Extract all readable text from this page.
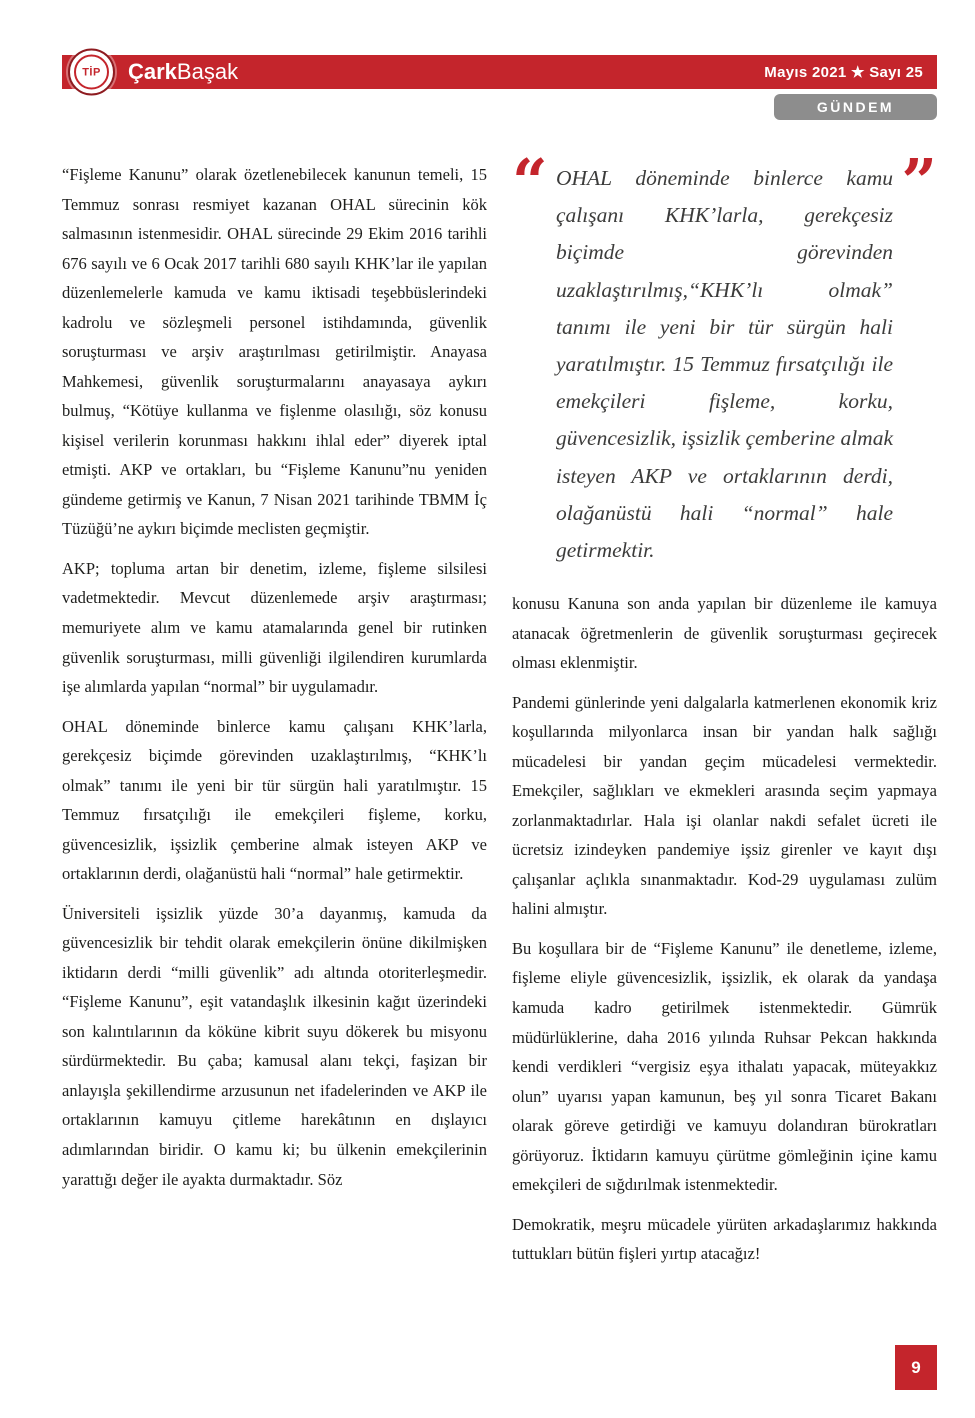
TİP ÇarkBaşak	Mayıs 2021 ★ Sayı 25
GÜNDEM

“Fişleme Kanunu” olarak özetlenebilecek kanunun temeli, 15 Temmuz sonrası resmiyet kazanan OHAL sürecinin kök salmasının istenmesidir. OHAL sürecinde 29 Ekim 2016 tarihli 676 sayılı ve 6 Ocak 2017 tarihli 680 sayılı KHK’lar ile yapılan düzenlemelerle kamuda ve kamu iktisadi teşebbüslerindeki kadrolu ve sözleşmeli personel istihdamında, güvenlik soruşturması ve arşiv araştırılması getirilmiştir. Anayasa Mahkemesi, güvenlik soruşturmalarını anayasaya aykırı bulmuş, “Kötüye kullanma ve fişlenme olasılığı, söz konusu kişisel verilerin korunması hakkını ihlal eder” diyerek iptal etmişti. AKP ve ortakları, bu “Fişleme Kanunu”nu yeniden gündeme getirmiş ve Kanun, 7 Nisan 2021 tarihinde TBMM İç Tüzüğü’ne aykırı biçimde meclisten geçmiştir.

AKP; topluma artan bir denetim, izleme, fişleme silsilesi vadetmektedir. Mevcut düzenlemede arşiv araştırması; memuriyete alım ve kamu atamalarında genel bir rutinken güvenlik soruşturması, milli güvenliği ilgilendiren kurumlarda işe alımlarda yapılan “normal” bir uygulamadır.

OHAL döneminde binlerce kamu çalışanı KHK’larla, gerekçesiz biçimde görevinden uzaklaştırılmış, “KHK’lı olmak” tanımı ile yeni bir tür sürgün hali yaratılmıştır. 15 Temmuz fırsatçılığı ile emekçileri fişleme, korku, güvencesizlik, işsizlik çemberine almak isteyen AKP ve ortaklarının derdi, olağanüstü hali “normal” hale getirmektir.

Üniversiteli işsizlik yüzde 30’a dayanmış, kamuda da güvencesizlik bir tehdit olarak emekçilerin önüne dikilmişken iktidarın derdi “milli güvenlik” adı altında otoriterleşmedir. “Fişleme Kanunu”, eşit vatandaşlık ilkesinin kağıt üzerindeki son kalıntılarının da köküne kibrit suyu dökerek bu misyonu sürdürmektedir. Bu çaba; kamusal alanı tekçi, faşizan bir anlayışla şekillendirme arzusunun net ifadelerinden ve AKP ile ortaklarının kamuyu çitleme harekâtının en dışlayıcı adımlarından biridir. O kamu ki; bu ülkenin emekçilerinin yarattığı değer ile ayakta durmaktadır. Söz

“ OHAL döneminde binlerce kamu çalışanı KHK’larla, gerekçesiz biçimde görevinden uzaklaştırılmış,“KHK’lı olmak” tanımı ile yeni bir tür sürgün hali yaratılmıştır. 15 Temmuz fırsatçılığı ile emekçileri fişleme, korku, güvencesizlik, işsizlik çemberine almak isteyen AKP ve ortaklarının derdi, olağanüstü hali “normal” hale getirmektir.
”

konusu Kanuna son anda yapılan bir düzenleme ile kamuya atanacak öğretmenlerin de güvenlik soruşturması geçirecek olması eklenmiştir.

Pandemi günlerinde yeni dalgalarla katmerlenen ekonomik kriz koşullarında milyonlarca insan bir yandan halk sağlığı mücadelesi bir yandan geçim mücadelesi vermektedir. Emekçiler, sağlıkları ve ekmekleri arasında seçim yapmaya zorlanmaktadırlar. Hala işi olanlar nakdi sefalet ücreti ile ücretsiz izindeyken pandemiye işsiz girenler ve kayıt dışı çalışanlar açlıkla sınanmaktadır. Kod-29 uygulaması zulüm halini almıştır.

Bu koşullara bir de “Fişleme Kanunu” ile denetleme, izleme, fişleme eliyle güvencesizlik, işsizlik, ek olarak da yandaşa kamuda kadro getirilmek istenmektedir. Gümrük müdürlüklerine, daha 2016 yılında Ruhsar Pekcan hakkında kendi verdikleri “vergisiz eşya ithalatı yapacak, müteyakkız olun” uyarısı yapan kamunun, beş yıl sonra Ticaret Bakanı olarak göreve getirdiği ve kamuyu dolandıran bürokratları görüyoruz. İktidarın kamuyu çürütme gömleğinin içine kamu emekçileri de sığdırılmak istenmektedir.

Demokratik, meşru mücadele yürüten arkadaşlarımız hakkında tuttukları bütün fişleri yırtıp atacağız!

9
